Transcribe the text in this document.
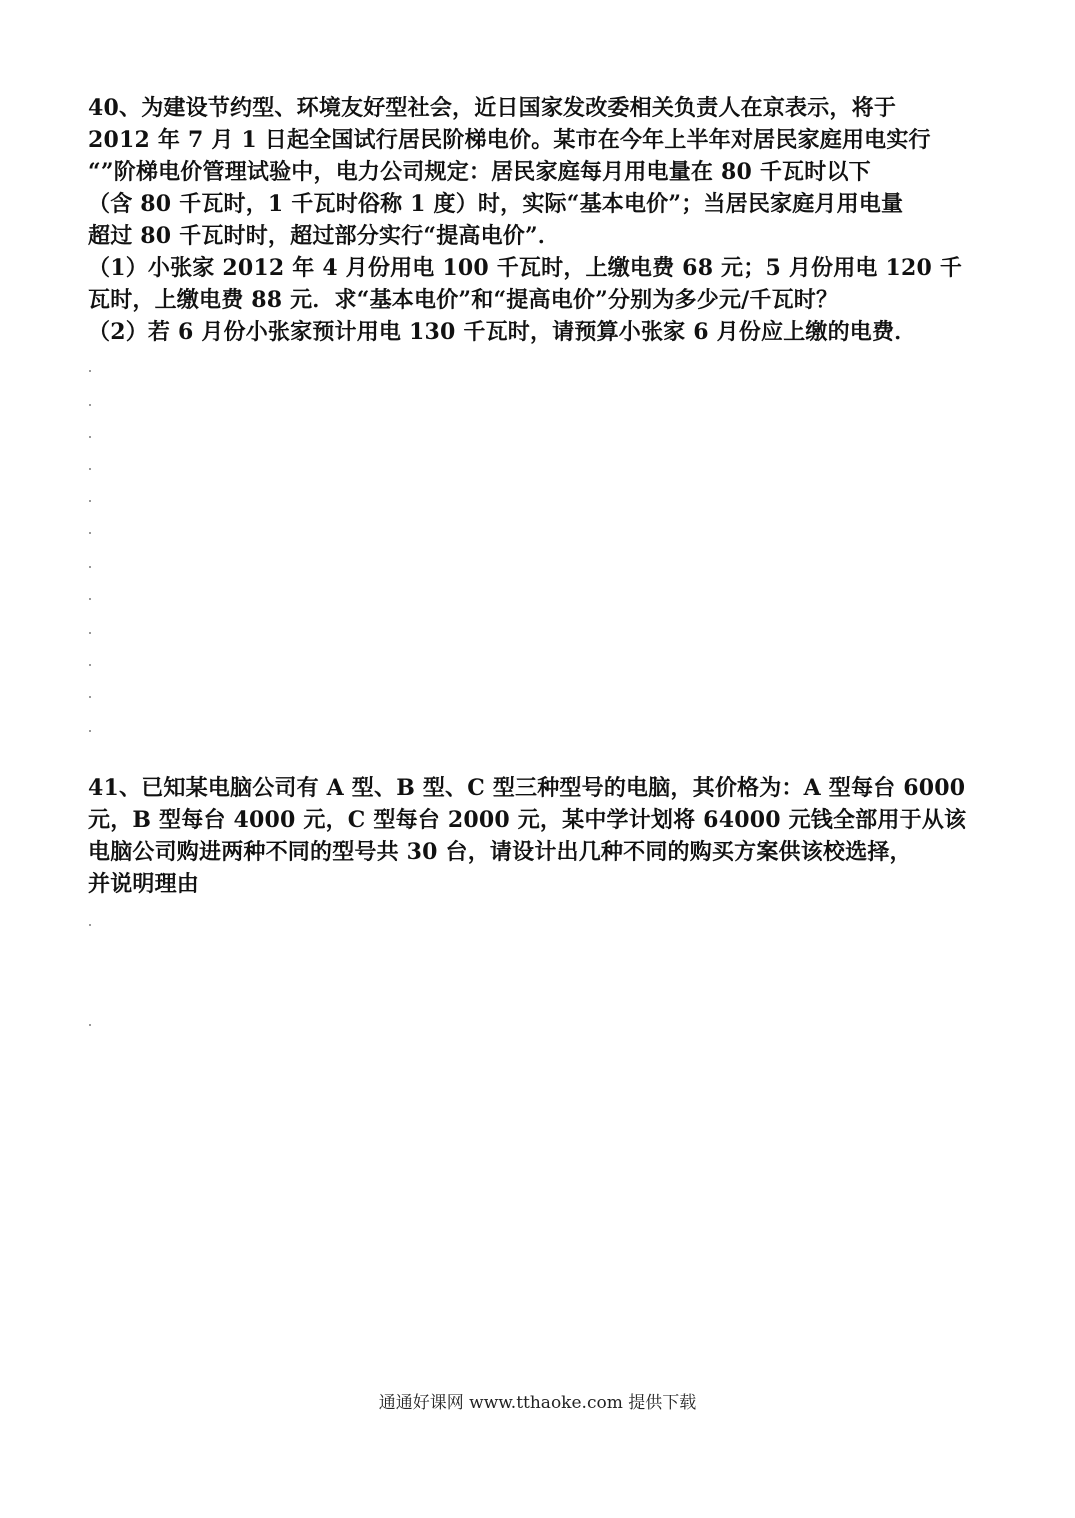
40、为建设节约型、环境友好型社会，近日国家发改委相关负责人在京表示，将于
2012 年 7 月 1 日起全国试行居民阶梯电价。某市在今年上半年对居民家庭用电实行
“”阶梯电价管理试验中，电力公司规定：居民家庭每月用电量在 80 千瓦时以下
（含 80 千瓦时，1 千瓦时俗称 1 度）时，实际“基本电价”；当居民家庭月用电量
超过 80 千瓦时时，超过部分实行“提高电价”．
（1）小张家 2012 年 4 月份用电 100 千瓦时，上缴电费 68 元；5 月份用电 120 千
瓦时，上缴电费 88 元．求“基本电价”和“提高电价”分别为多少元/千瓦时？
（2）若 6 月份小张家预计用电 130 千瓦时，请预算小张家 6 月份应上缴的电费．
41、已知某电脑公司有 A 型、B 型、C 型三种型号的电脑，其价格为：A 型每台 6000
元，B 型每台 4000 元，C 型每台 2000 元，某中学计划将 64000 元钱全部用于从该
电脑公司购进两种不同的型号共 30 台，请设计出几种不同的购买方案供该校选择，
并说明理由
通通好课网 www.tthaoke.com 提供下载
